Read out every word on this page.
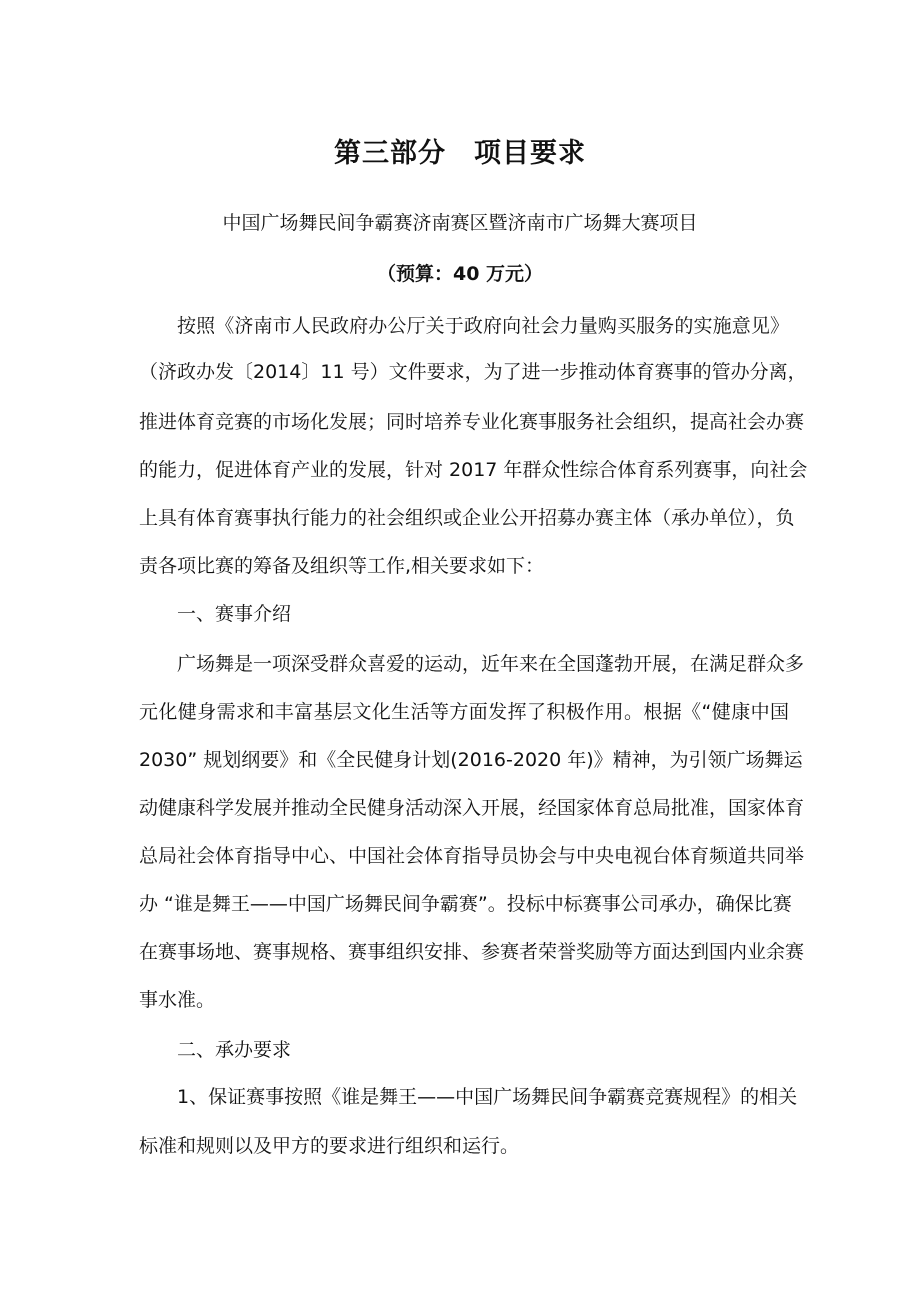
第三部分　项目要求
中国广场舞民间争霸赛济南赛区暨济南市广场舞大赛项目
（预算：40 万元）
按照《济南市人民政府办公厅关于政府向社会力量购买服务的实施意见》
（济政办发〔2014〕11 号）文件要求，为了进一步推动体育赛事的管办分离，
推进体育竞赛的市场化发展；同时培养专业化赛事服务社会组织，提高社会办赛
的能力，促进体育产业的发展，针对 2017 年群众性综合体育系列赛事，向社会
上具有体育赛事执行能力的社会组织或企业公开招募办赛主体（承办单位），负
责各项比赛的筹备及组织等工作,相关要求如下：
一、赛事介绍
广场舞是一项深受群众喜爱的运动，近年来在全国蓬勃开展，在满足群众多
元化健身需求和丰富基层文化生活等方面发挥了积极作用。根据《“健康中国
2030” 规划纲要》和《全民健身计划(2016-2020 年)》精神，为引领广场舞运
动健康科学发展并推动全民健身活动深入开展，经国家体育总局批准，国家体育
总局社会体育指导中心、中国社会体育指导员协会与中央电视台体育频道共同举
办 “谁是舞王——中国广场舞民间争霸赛”。投标中标赛事公司承办，确保比赛
在赛事场地、赛事规格、赛事组织安排、参赛者荣誉奖励等方面达到国内业余赛
事水准。
二、承办要求
1、保证赛事按照《谁是舞王——中国广场舞民间争霸赛竞赛规程》的相关
标准和规则以及甲方的要求进行组织和运行。
